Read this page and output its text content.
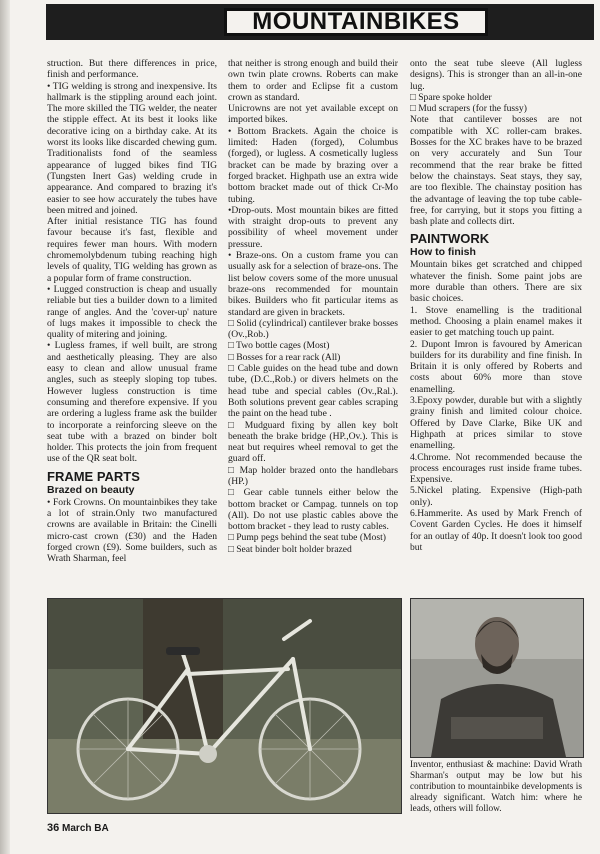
MOUNTAINBIKES

struction. But there differences in price, finish and performance.

• TIG welding is strong and inexpensive. Its hallmark is the stippling around each joint. The more skilled the TIG welder, the neater the stipple effect. At its best it looks like decorative icing on a birthday cake. At its worst its looks like discarded chewing gum. Traditionalists fond of the seamless appearance of lugged bikes find TIG (Tungsten Inert Gas) welding crude in appearance. And compared to brazing it's easier to see how accurately the tubes have been mitred and joined.

After initial resistance TIG has found favour because it's fast, flexible and requires fewer man hours. With modern chromemolybdenum tubing reaching high levels of quality, TIG welding has grown as a popular form of frame construction.

• Lugged construction is cheap and usually reliable but ties a builder down to a limited range of angles. And the 'cover-up' nature of lugs makes it impossible to check the quality of mitering and joining.

• Lugless frames, if well built, are strong and aesthetically pleasing. They are also easy to clean and allow unusual frame angles, such as steeply sloping top tubes. However lugless construction is time consuming and therefore expensive. If you are ordering a lugless frame ask the builder to incorporate a reinforcing sleeve on the seat tube with a brazed on binder bolt holder. This protects the join from frequent use of the QR seat bolt.

FRAME PARTS
Brazed on beauty

• Fork Crowns. On mountainbikes they take a lot of strain.Only two manufactured crowns are available in Britain: the Cinelli micro-cast crown (£30) and the Haden forged crown (£9). Some builders, such as Wrath Sharman, feel

that neither is strong enough and build their own twin plate crowns. Roberts can make them to order and Eclipse fit a custom crown as standard.

Unicrowns are not yet available except on imported bikes.

• Bottom Brackets. Again the choice is limited: Haden (forged), Columbus (forged), or lugless. A cosmetically lugless bracket can be made by brazing over a forged bracket. Highpath use an extra wide bottom bracket made out of thick Cr-Mo tubing.

•Drop-outs. Most mountain bikes are fitted with straight drop-outs to prevent any possibility of wheel movement under pressure.

• Braze-ons. On a custom frame you can usually ask for a selection of braze-ons. The list below covers some of the more unusual braze-ons recommended for mountain bikes. Builders who fit particular items as standard are given in brackets.

□ Solid (cylindrical) cantilever brake bosses (Ov.,Rob.)

□ Two bottle cages (Most)

□ Bosses for a rear rack (All)

□ Cable guides on the head tube and down tube, (D.C.,Rob.) or divers helmets on the head tube and special cables (Ov.,Ral.). Both solutions prevent gear cables scraping the paint on the head tube .

□ Mudguard fixing by allen key bolt beneath the brake bridge (HP.,Ov.). This is neat but requires wheel removal to get the guard off.

□ Map holder brazed onto the handlebars (HP.)

□ Gear cable tunnels either below the bottom bracket or Campag. tunnels on top (All). Do not use plastic cables above the bottom bracket - they lead to rusty cables.

□ Pump pegs behind the seat tube (Most)

□ Seat binder bolt holder brazed

onto the seat tube sleeve (All lugless designs). This is stronger than an all-in-one lug.

□ Spare spoke holder

□ Mud scrapers (for the fussy)

Note that cantilever bosses are not compatible with XC roller-cam brakes. Bosses for the XC brakes have to be brazed on very accurately and Sun Tour recommend that the rear brake be fitted below the chainstays. Seat stays, they say, are too flexible. The chainstay position has the advantage of leaving the top tube cable-free, for carrying, but it stops you fitting a bash plate and collects dirt.

PAINTWORK
How to finish

Mountain bikes get scratched and chipped whatever the finish. Some paint jobs are more durable than others. There are six basic choices.

1. Stove enamelling is the traditional method. Choosing a plain enamel makes it easier to get matching touch up paint.

2. Dupont Imron is favoured by American builders for its durability and fine finish. In Britain it is only offered by Roberts and costs about 60% more than stove enamelling.

3.Epoxy powder, durable but with a slightly grainy finish and limited colour choice. Offered by Dave Clarke, Bike UK and Highpath at prices similar to stove enamelling.

4.Chrome. Not recommended because the process encourages rust inside frame tubes. Expensive.

5.Nickel plating. Expensive (High-path only).

6.Hammerite. As used by Mark French of Covent Garden Cycles. He does it himself for an outlay of 40p. It doesn't look too good but

Inventor, enthusiast & machine: David Wrath Sharman's output may be low but his contribution to mountainbike developments is already significant. Watch him: where he leads, others will follow.
36 March BA
